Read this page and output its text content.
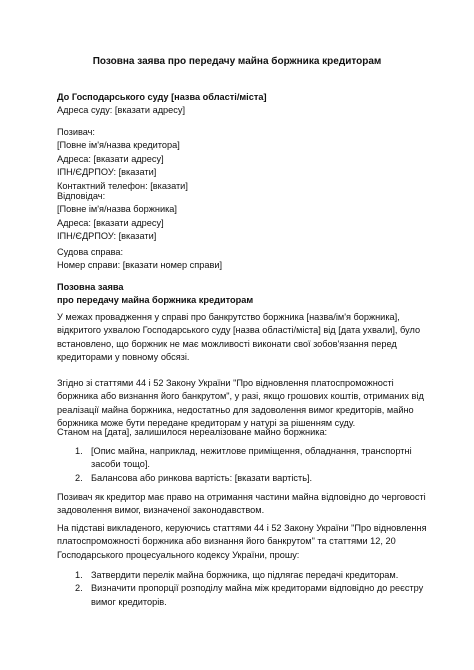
Позовна заява про передачу майна боржника кредиторам
До Господарського суду [назва області/міста]
Адреса суду: [вказати адресу]
Позивач:
[Повне ім'я/назва кредитора]
Адреса: [вказати адресу]
ІПН/ЄДРПОУ: [вказати]
Контактний телефон: [вказати]
Відповідач:
[Повне ім'я/назва боржника]
Адреса: [вказати адресу]
ІПН/ЄДРПОУ: [вказати]
Судова справа:
Номер справи: [вказати номер справи]
Позовна заява
про передачу майна боржника кредиторам
У межах провадження у справі про банкрутство боржника [назва/ім'я боржника],
відкритого ухвалою Господарського суду [назва області/міста] від [дата ухвали], було
встановлено, що боржник не має можливості виконати свої зобов'язання перед
кредиторами у повному обсязі.
Згідно зі статтями 44 і 52 Закону України "Про відновлення платоспроможності
боржника або визнання його банкрутом", у разі, якщо грошових коштів, отриманих від
реалізації майна боржника, недостатньо для задоволення вимог кредиторів, майно
боржника може бути передане кредиторам у натурі за рішенням суду.
Станом на [дата], залишилося нереалізоване майно боржника:
1. [Опис майна, наприклад, нежитлове приміщення, обладнання, транспортні
засоби тощо].
2. Балансова або ринкова вартість: [вказати вартість].
Позивач як кредитор має право на отримання частини майна відповідно до черговості
задоволення вимог, визначеної законодавством.
На підставі викладеного, керуючись статтями 44 і 52 Закону України "Про відновлення
платоспроможності боржника або визнання його банкрутом" та статтями 12, 20
Господарського процесуального кодексу України, прошу:
1. Затвердити перелік майна боржника, що підлягає передачі кредиторам.
2. Визначити пропорції розподілу майна між кредиторами відповідно до реєстру
вимог кредиторів.
